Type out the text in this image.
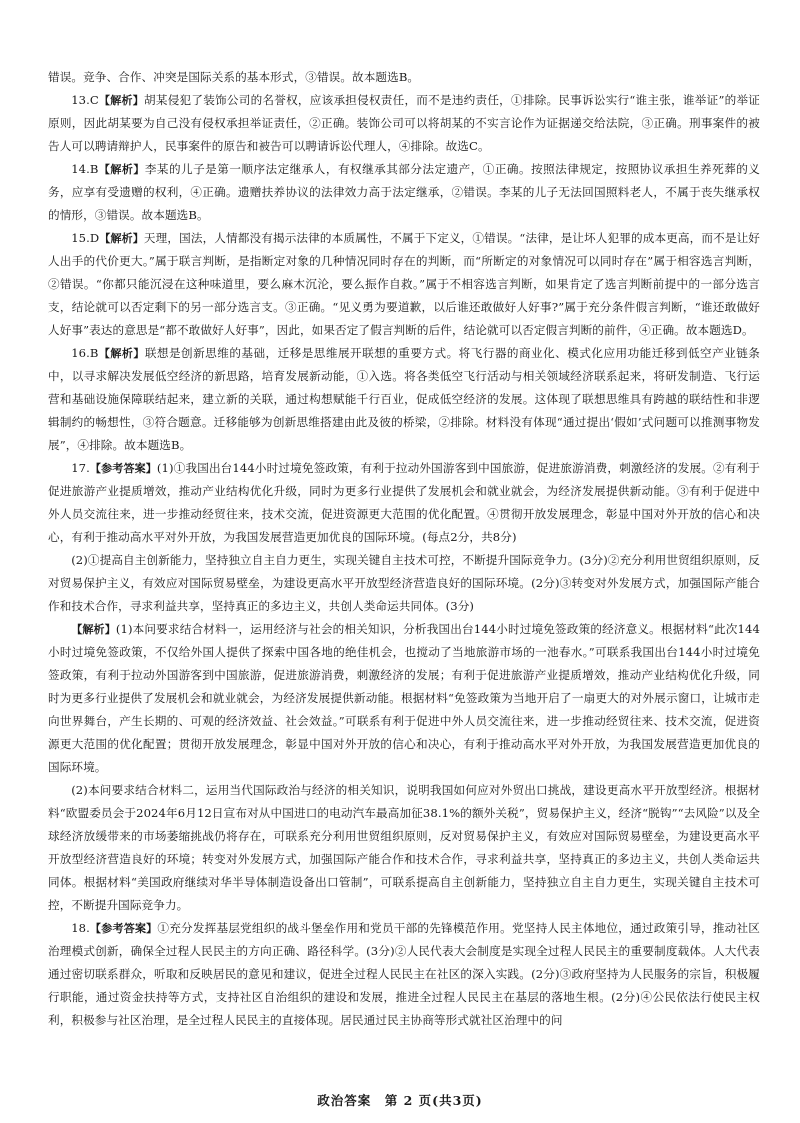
错误。竞争、合作、冲突是国际关系的基本形式，③错误。故本题选B。

13.C【解析】胡某侵犯了装饰公司的名誉权，应该承担侵权责任，而不是违约责任，①排除。民事诉讼实行“谁主张，谁举证”的举证原则，因此胡某要为自己没有侵权承担举证责任，②正确。装饰公司可以将胡某的不实言论作为证据递交给法院，③正确。刑事案件的被告人可以聘请辩护人，民事案件的原告和被告可以聘请诉讼代理人，④排除。故选C。

14.B【解析】李某的儿子是第一顺序法定继承人，有权继承其部分法定遗产，①正确。按照法律规定，按照协议承担生养死葬的义务，应享有受遗赠的权利，④正确。遗赠扶养协议的法律效力高于法定继承，②错误。李某的儿子无法回国照料老人，不属于丧失继承权的情形，③错误。故本题选B。

15.D【解析】天理，国法，人情都没有揭示法律的本质属性，不属于下定义，①错误。“法律，是让坏人犯罪的成本更高，而不是让好人出手的代价更大。”属于联言判断，是指断定对象的几种情况同时存在的判断，而“所断定的对象情况可以同时存在”属于相容选言判断，②错误。“你都只能沉浸在这种味道里，要么麻木沉沦，要么振作自救。”属于不相容选言判断，如果肯定了选言判断前提中的一部分选言支，结论就可以否定剩下的另一部分选言支。③正确。“见义勇为要道歉，以后谁还敢做好人好事?”属于充分条件假言判断，“谁还敢做好人好事”表达的意思是“都不敢做好人好事”，因此，如果否定了假言判断的后件，结论就可以否定假言判断的前件，④正确。故本题选D。

16.B【解析】联想是创新思维的基础，迁移是思维展开联想的重要方式。将飞行器的商业化、模式化应用功能迁移到低空产业链条中，以寻求解决发展低空经济的新思路，培育发展新动能，①入选。将各类低空飞行活动与相关领域经济联系起来，将研发制造、飞行运营和基础设施保障联结起来，建立新的关联，通过构想赋能千行百业，促成低空经济的发展。这体现了联想思维具有跨越的联结性和非逻辑制约的畅想性，③符合题意。迁移能够为创新思维搭建由此及彼的桥梁，②排除。材料没有体现“通过提出‘假如’式问题可以推测事物发展”，④排除。故本题选B。

17.【参考答案】(1)①我国出台144小时过境免签政策，有利于拉动外国游客到中国旅游，促进旅游消费，刺激经济的发展。②有利于促进旅游产业提质增效，推动产业结构优化升级，同时为更多行业提供了发展机会和就业就会，为经济发展提供新动能。③有利于促进中外人员交流往来，进一步推动经贸往来，技术交流，促进资源更大范围的优化配置。④贯彻开放发展理念，彰显中国对外开放的信心和决心，有利于推动高水平对外开放，为我国发展营造更加优良的国际环境。(每点2分，共8分)

(2)①提高自主创新能力，坚持独立自主自力更生，实现关键自主技术可控，不断提升国际竞争力。(3分)②充分利用世贸组织原则，反对贸易保护主义，有效应对国际贸易壁垒，为建设更高水平开放型经济营造良好的国际环境。(2分)③转变对外发展方式，加强国际产能合作和技术合作，寻求利益共享，坚持真正的多边主义，共创人类命运共同体。(3分)

【解析】(1)本问要求结合材料一，运用经济与社会的相关知识，分析我国出台144小时过境免签政策的经济意义。根据材料“此次144小时过境免签政策，不仅给外国人提供了探索中国各地的绝佳机会，也搅动了当地旅游市场的一池春水。”可联系我国出台144小时过境免签政策，有利于拉动外国游客到中国旅游，促进旅游消费，刺激经济的发展；有利于促进旅游产业提质增效，推动产业结构优化升级，同时为更多行业提供了发展机会和就业就会，为经济发展提供新动能。根据材料“免签政策为当地开启了一扇更大的对外展示窗口，让城市走向世界舞台，产生长期的、可观的经济效益、社会效益。”可联系有利于促进中外人员交流往来，进一步推动经贸往来、技术交流，促进资源更大范围的优化配置；贯彻开放发展理念，彰显中国对外开放的信心和决心，有利于推动高水平对外开放，为我国发展营造更加优良的国际环境。

(2)本问要求结合材料二，运用当代国际政治与经济的相关知识，说明我国如何应对外贸出口挑战，建设更高水平开放型经济。根据材料“欧盟委员会于2024年6月12日宣布对从中国进口的电动汽车最高加征38.1%的额外关税”，贸易保护主义，经济“脱钩”“去风险”以及全球经济放缓带来的市场萎缩挑战仍将存在，可联系充分利用世贸组织原则，反对贸易保护主义，有效应对国际贸易壁垒，为建设更高水平开放型经济营造良好的环境；转变对外发展方式，加强国际产能合作和技术合作，寻求利益共享，坚持真正的多边主义，共创人类命运共同体。根据材料“美国政府继续对华半导体制造设备出口管制”，可联系提高自主创新能力，坚持独立自主自力更生，实现关键自主技术可控，不断提升国际竞争力。

18.【参考答案】①充分发挥基层党组织的战斗堡垒作用和党员干部的先锋模范作用。党坚持人民主体地位，通过政策引导，推动社区治理模式创新，确保全过程人民民主的方向正确、路径科学。(3分)②人民代表大会制度是实现全过程人民民主的重要制度载体。人大代表通过密切联系群众，听取和反映居民的意见和建议，促进全过程人民民主在社区的深入实践。(2分)③政府坚持为人民服务的宗旨，积极履行职能，通过资金扶持等方式，支持社区自治组织的建设和发展，推进全过程人民民主在基层的落地生根。(2分)④公民依法行使民主权利，积极参与社区治理，是全过程人民民主的直接体现。居民通过民主协商等形式就社区治理中的问

政治答案　第 2 页(共3页)
